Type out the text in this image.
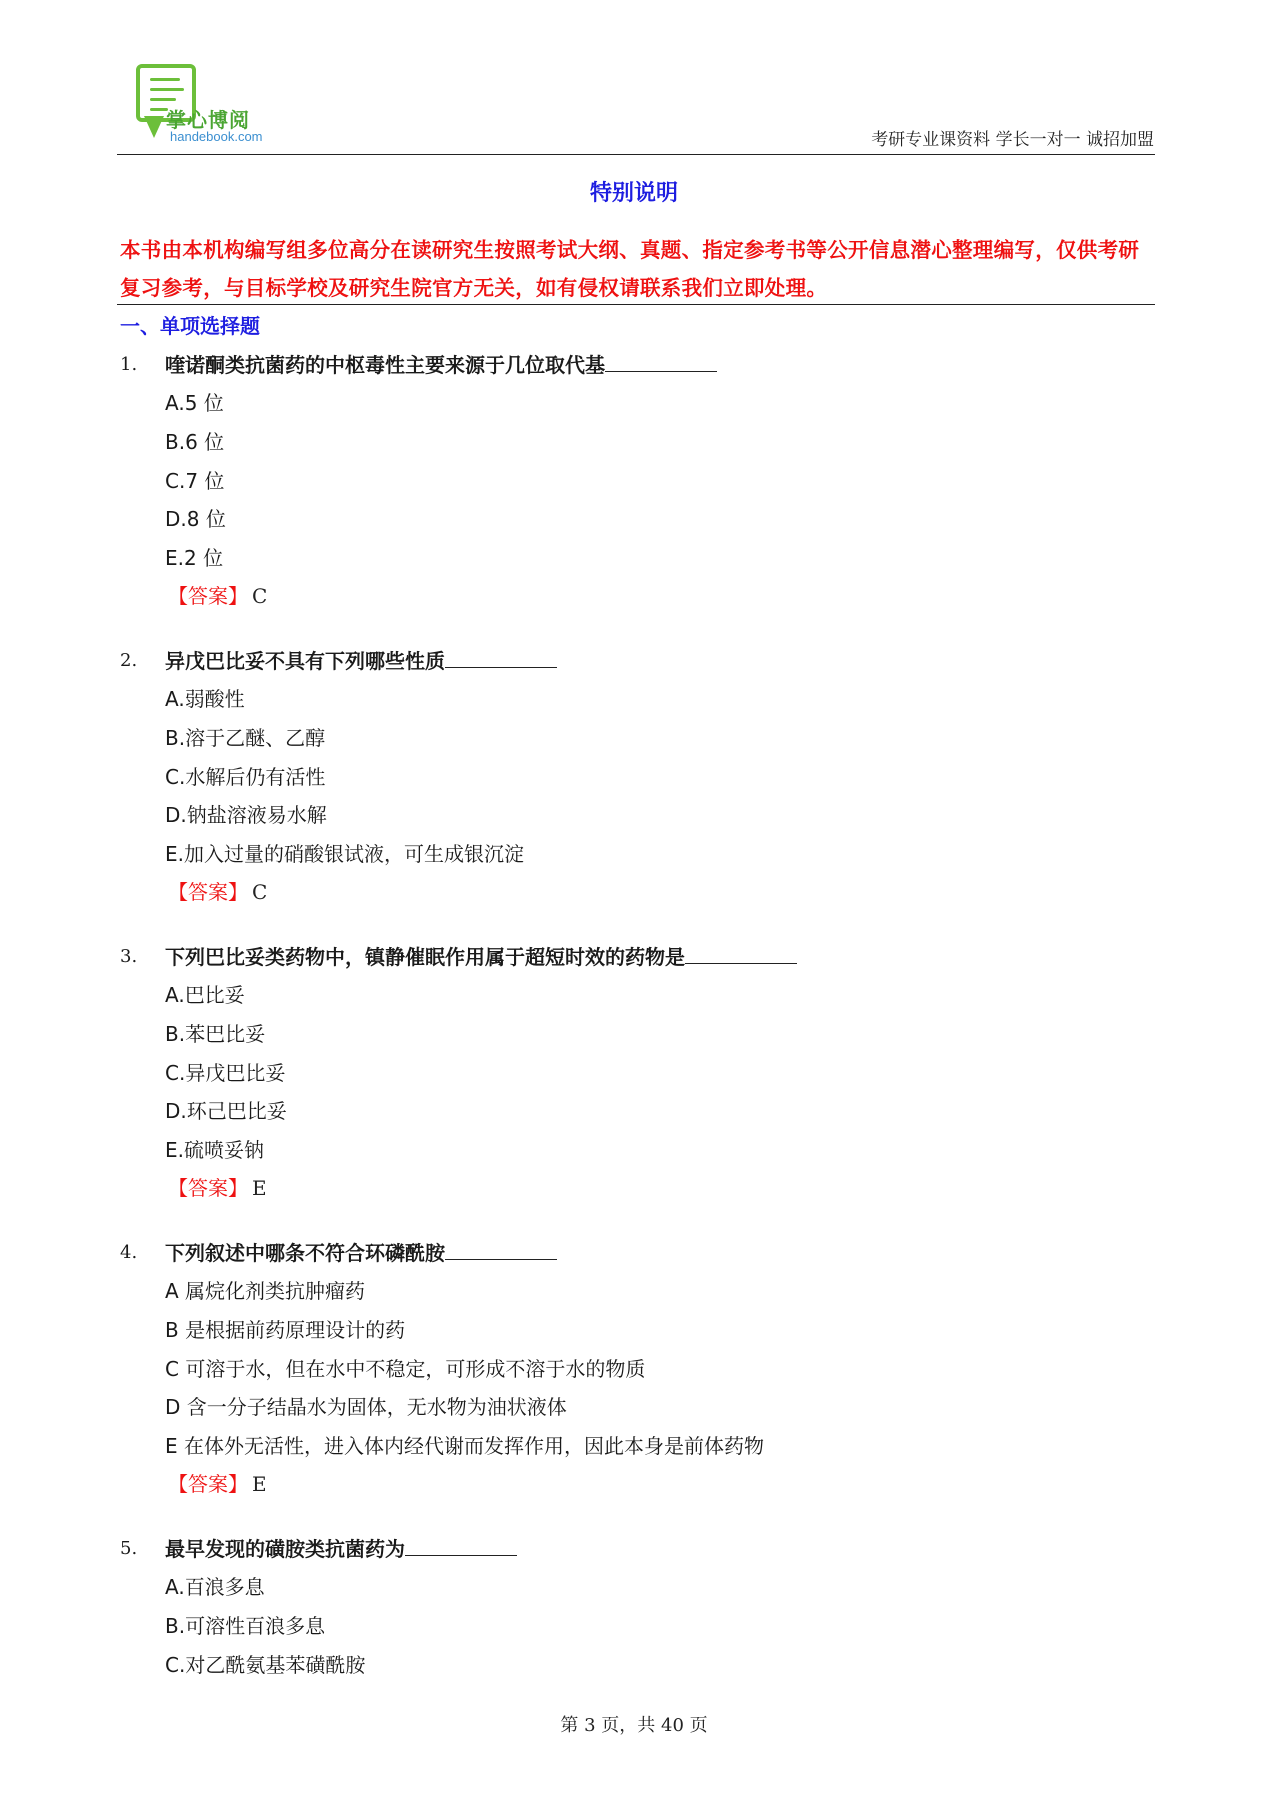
掌心博阅
handebook.com	考研专业课资料 学长一对一 诚招加盟
特别说明
本书由本机构编写组多位高分在读研究生按照考试大纲、真题、指定参考书等公开信息潜心整理编写，仅供考研复习参考，与目标学校及研究生院官方无关，如有侵权请联系我们立即处理。
一、单项选择题
1. 喹诺酮类抗菌药的中枢毒性主要来源于几位取代基
A.5 位
B.6 位
C.7 位
D.8 位
E.2 位
【答案】 C
2. 异戊巴比妥不具有下列哪些性质
A.弱酸性
B.溶于乙醚、乙醇
C.水解后仍有活性
D.钠盐溶液易水解
E.加入过量的硝酸银试液，可生成银沉淀
【答案】 C
3. 下列巴比妥类药物中，镇静催眠作用属于超短时效的药物是
A.巴比妥
B.苯巴比妥
C.异戊巴比妥
D.环己巴比妥
E.硫喷妥钠
【答案】 E
4. 下列叙述中哪条不符合环磷酰胺
A 属烷化剂类抗肿瘤药
B 是根据前药原理设计的药
C 可溶于水，但在水中不稳定，可形成不溶于水的物质
D 含一分子结晶水为固体，无水物为油状液体
E 在体外无活性，进入体内经代谢而发挥作用，因此本身是前体药物
【答案】 E
5. 最早发现的磺胺类抗菌药为
A.百浪多息
B.可溶性百浪多息
C.对乙酰氨基苯磺酰胺
第 3 页，共 40 页
